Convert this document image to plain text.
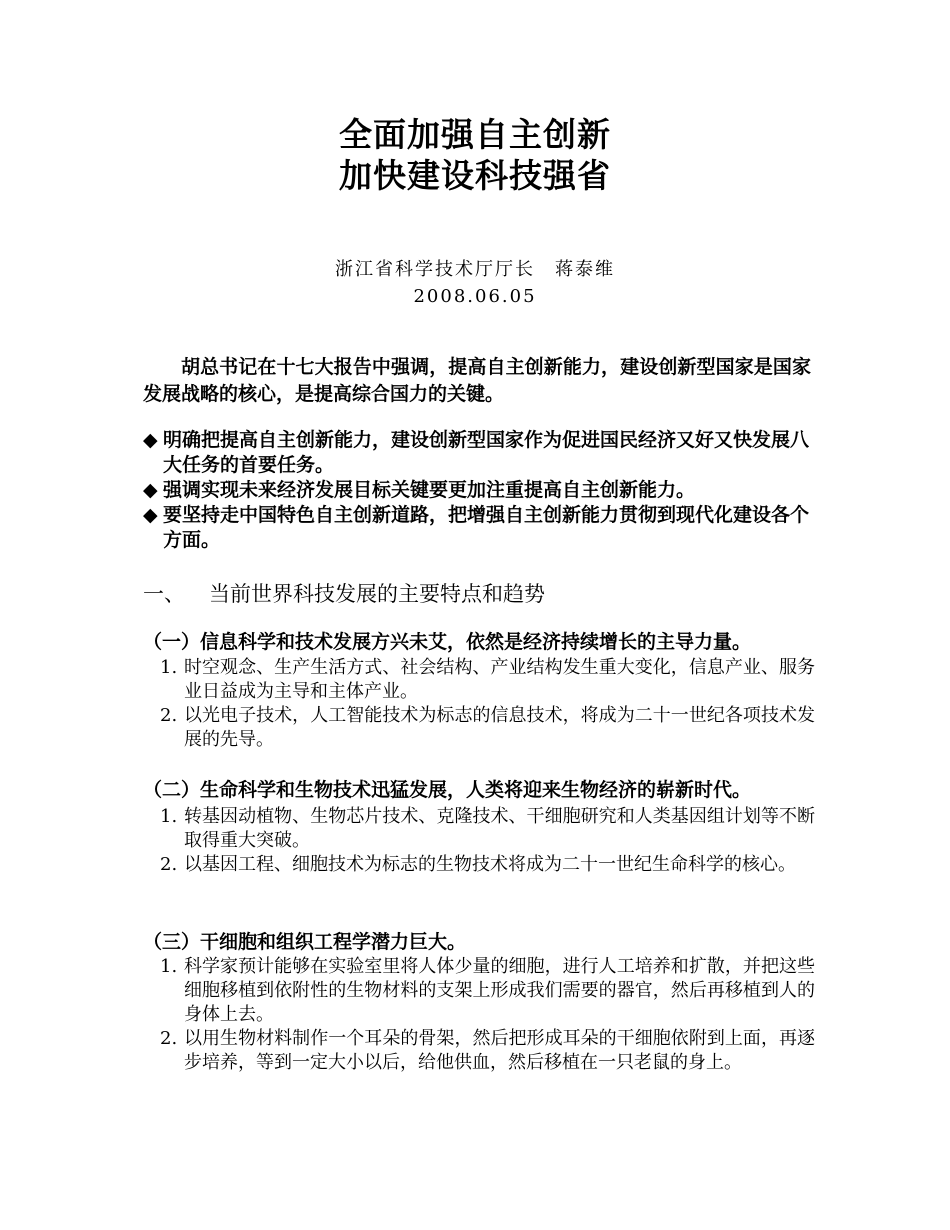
全面加强自主创新
加快建设科技强省
浙江省科学技术厅厅长　蒋泰维
2008.06.05
胡总书记在十七大报告中强调，提高自主创新能力，建设创新型国家是国家发展战略的核心，是提高综合国力的关键。
◆ 明确把提高自主创新能力，建设创新型国家作为促进国民经济又好又快发展八大任务的首要任务。
◆ 强调实现未来经济发展目标关键要更加注重提高自主创新能力。
◆ 要坚持走中国特色自主创新道路，把增强自主创新能力贯彻到现代化建设各个方面。
一、 当前世界科技发展的主要特点和趋势
（一）信息科学和技术发展方兴未艾，依然是经济持续增长的主导力量。
1. 时空观念、生产生活方式、社会结构、产业结构发生重大变化，信息产业、服务业日益成为主导和主体产业。
2. 以光电子技术，人工智能技术为标志的信息技术，将成为二十一世纪各项技术发展的先导。
（二）生命科学和生物技术迅猛发展，人类将迎来生物经济的崭新时代。
1. 转基因动植物、生物芯片技术、克隆技术、干细胞研究和人类基因组计划等不断取得重大突破。
2. 以基因工程、细胞技术为标志的生物技术将成为二十一世纪生命科学的核心。
（三）干细胞和组织工程学潜力巨大。
1. 科学家预计能够在实验室里将人体少量的细胞，进行人工培养和扩散，并把这些细胞移植到依附性的生物材料的支架上形成我们需要的器官，然后再移植到人的身体上去。
2. 以用生物材料制作一个耳朵的骨架，然后把形成耳朵的干细胞依附到上面，再逐步培养，等到一定大小以后，给他供血，然后移植在一只老鼠的身上。
